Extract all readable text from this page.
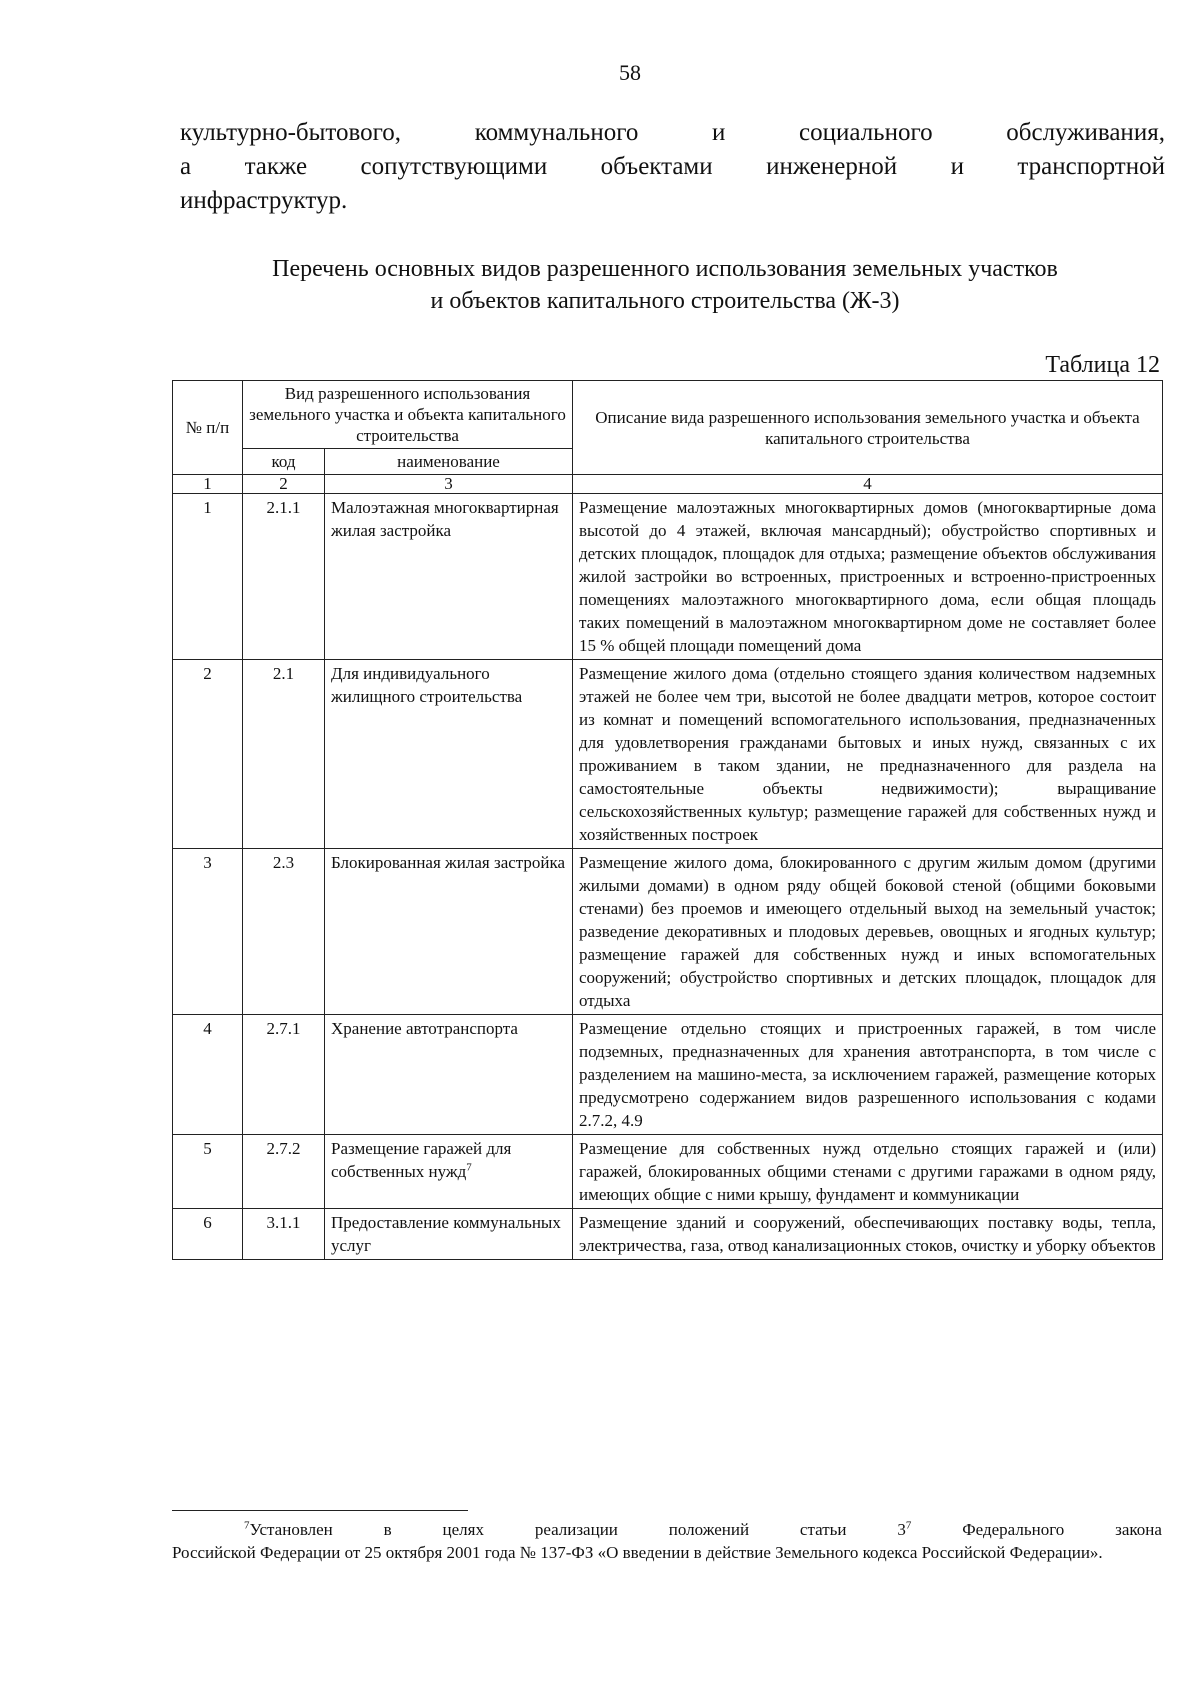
58
культурно-бытового,	коммунального	и	социального	обслуживания,
а также сопутствующими объектами инженерной и транспортной
инфраструктур.
Перечень основных видов разрешенного использования земельных участков
и объектов капитального строительства (Ж-3)
Таблица 12
№ п/п	Вид разрешенного использования земельного участка и объекта капитального строительства		Описание вида разрешенного использования земельного участка и объекта капитального строительства
	код	наименование	
1	2	3	4
1	2.1.1	Малоэтажная многоквартирная жилая застройка	Размещение малоэтажных многоквартирных домов (многоквартирные дома высотой до 4 этажей, включая мансардный); обустройство спортивных и детских площадок, площадок для отдыха; размещение объектов обслуживания жилой застройки во встроенных, пристроенных и встроенно-пристроенных помещениях малоэтажного многоквартирного дома, если общая площадь таких помещений в малоэтажном многоквартирном доме не составляет более 15 % общей площади помещений дома
2	2.1	Для индивидуального жилищного строительства	Размещение жилого дома (отдельно стоящего здания количеством надземных этажей не более чем три, высотой не более двадцати метров, которое состоит из комнат и помещений вспомогательного использования, предназначенных для удовлетворения гражданами бытовых и иных нужд, связанных с их проживанием в таком здании, не предназначенного для раздела на самостоятельные объекты недвижимости); выращивание сельскохозяйственных культур; размещение гаражей для собственных нужд и хозяйственных построек
3	2.3	Блокированная жилая застройка	Размещение жилого дома, блокированного с другим жилым домом (другими жилыми домами) в одном ряду общей боковой стеной (общими боковыми стенами) без проемов и имеющего отдельный выход на земельный участок; разведение декоративных и плодовых деревьев, овощных и ягодных культур; размещение гаражей для собственных нужд и иных вспомогательных сооружений; обустройство спортивных и детских площадок, площадок для отдыха
4	2.7.1	Хранение автотранспорта	Размещение отдельно стоящих и пристроенных гаражей, в том числе подземных, предназначенных для хранения автотранспорта, в том числе с разделением на машино-места, за исключением гаражей, размещение которых предусмотрено содержанием видов разрешенного использования с кодами 2.7.2, 4.9
5	2.7.2	Размещение гаражей для собственных нужд$^7$	Размещение для собственных нужд отдельно стоящих гаражей и (или) гаражей, блокированных общими стенами с другими гаражами в одном ряду, имеющих общие с ними крышу, фундамент и коммуникации
6	3.1.1	Предоставление коммунальных услуг	Размещение зданий и сооружений, обеспечивающих поставку воды, тепла, электричества, газа, отвод канализационных стоков, очистку и уборку объектов
$^7$Установлен	в	целях	реализации	положений	статьи	$3^7$	Федерального	закона
Российской Федерации от 25 октября 2001 года № 137-ФЗ «О введении в действие Земельного кодекса Российской Федерации».
